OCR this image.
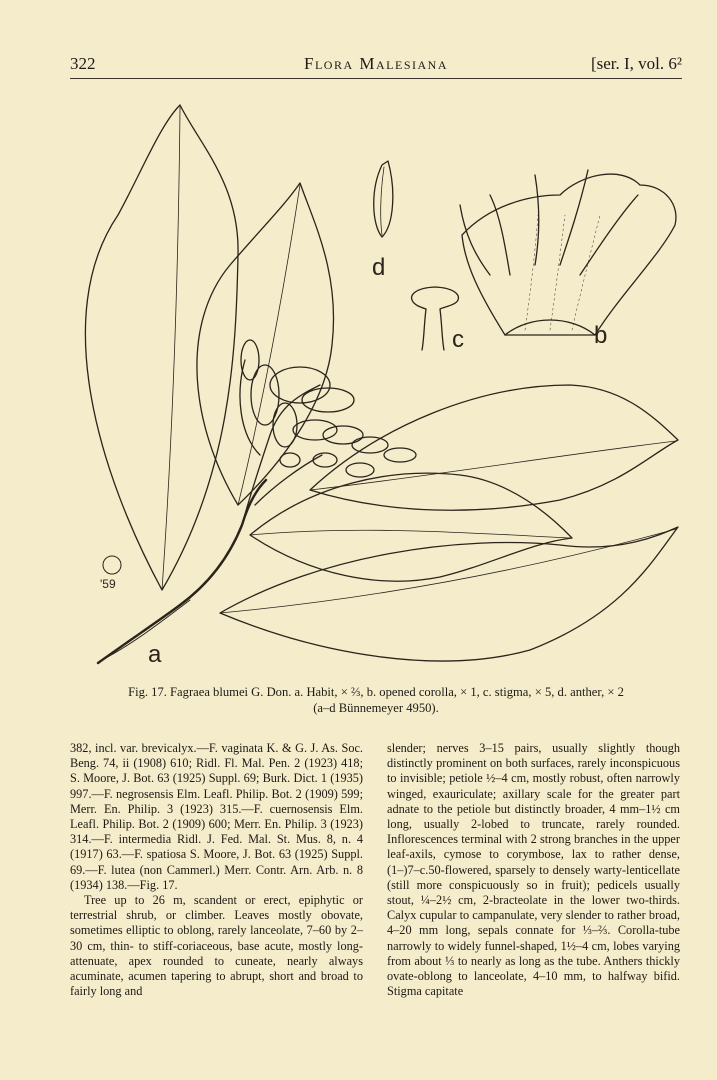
322	Flora Malesiana	[ser. I, vol. 6²
a
b
c
d
'59
Fig. 17. Fagraea blumei G. Don. a. Habit, × ⅔, b. opened corolla, × 1, c. stigma, × 5, d. anther, × 2
(a–d Bünnemeyer 4950).

382, incl. var. brevicalyx.—F. vaginata K. & G. J. As. Soc. Beng. 74, ii (1908) 610; Ridl. Fl. Mal. Pen. 2 (1923) 418; S. Moore, J. Bot. 63 (1925) Suppl. 69; Burk. Dict. 1 (1935) 997.—F. negrosensis Elm. Leafl. Philip. Bot. 2 (1909) 599; Merr. En. Philip. 3 (1923) 315.—F. cuernosensis Elm. Leafl. Philip. Bot. 2 (1909) 600; Merr. En. Philip. 3 (1923) 314.—F. intermedia Ridl. J. Fed. Mal. St. Mus. 8, n. 4 (1917) 63.—F. spatiosa S. Moore, J. Bot. 63 (1925) Suppl. 69.—F. lutea (non Cammerl.) Merr. Contr. Arn. Arb. n. 8 (1934) 138.—Fig. 17.

Tree up to 26 m, scandent or erect, epiphytic or terrestrial shrub, or climber. Leaves mostly obovate, sometimes elliptic to oblong, rarely lanceolate, 7–60 by 2–30 cm, thin- to stiff-coriaceous, base acute, mostly long-attenuate, apex rounded to cuneate, nearly always acuminate, acumen tapering to abrupt, short and broad to fairly long and

slender; nerves 3–15 pairs, usually slightly though distinctly prominent on both surfaces, rarely inconspicuous to invisible; petiole ½–4 cm, mostly robust, often narrowly winged, exauriculate; axillary scale for the greater part adnate to the petiole but distinctly broader, 4 mm–1½ cm long, usually 2-lobed to truncate, rarely rounded. Inflorescences terminal with 2 strong branches in the upper leaf-axils, cymose to corymbose, lax to rather dense, (1–)7–c.50-flowered, sparsely to densely warty-lenticellate (still more conspicuously so in fruit); pedicels usually stout, ¼–2½ cm, 2-bracteolate in the lower two-thirds. Calyx cupular to campanulate, very slender to rather broad, 4–20 mm long, sepals connate for ⅓–⅔. Corolla-tube narrowly to widely funnel-shaped, 1½–4 cm, lobes varying from about ⅓ to nearly as long as the tube. Anthers thickly ovate-oblong to lanceolate, 4–10 mm, to halfway bifid. Stigma capitate
